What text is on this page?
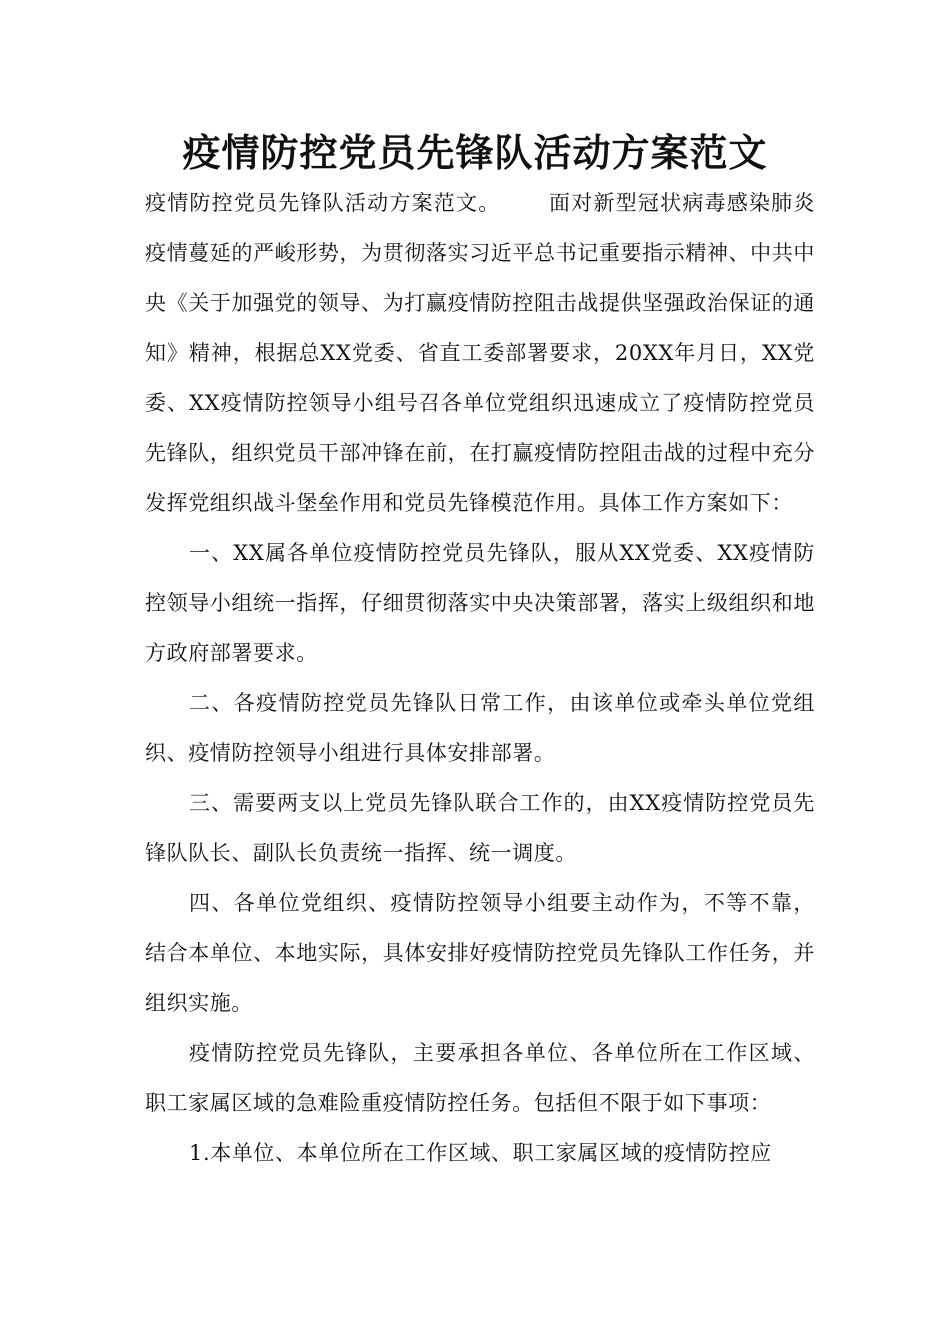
疫情防控党员先锋队活动方案范文

疫情防控党员先锋队活动方案范文。 面对新型冠状病毒感染肺炎疫情蔓延的严峻形势，为贯彻落实习近平总书记重要指示精神、中共中央《关于加强党的领导、为打赢疫情防控阻击战提供坚强政治保证的通知》精神，根据总XX党委、省直工委部署要求，20XX年月日，XX党委、XX疫情防控领导小组号召各单位党组织迅速成立了疫情防控党员先锋队，组织党员干部冲锋在前，在打赢疫情防控阻击战的过程中充分发挥党组织战斗堡垒作用和党员先锋模范作用。具体工作方案如下：

一、XX属各单位疫情防控党员先锋队，服从XX党委、XX疫情防控领导小组统一指挥，仔细贯彻落实中央决策部署，落实上级组织和地方政府部署要求。

二、各疫情防控党员先锋队日常工作，由该单位或牵头单位党组织、疫情防控领导小组进行具体安排部署。

三、需要两支以上党员先锋队联合工作的，由XX疫情防控党员先锋队队长、副队长负责统一指挥、统一调度。

四、各单位党组织、疫情防控领导小组要主动作为，不等不靠，结合本单位、本地实际，具体安排好疫情防控党员先锋队工作任务，并组织实施。

疫情防控党员先锋队，主要承担各单位、各单位所在工作区域、职工家属区域的急难险重疫情防控任务。包括但不限于如下事项：

1.本单位、本单位所在工作区域、职工家属区域的疫情防控应
